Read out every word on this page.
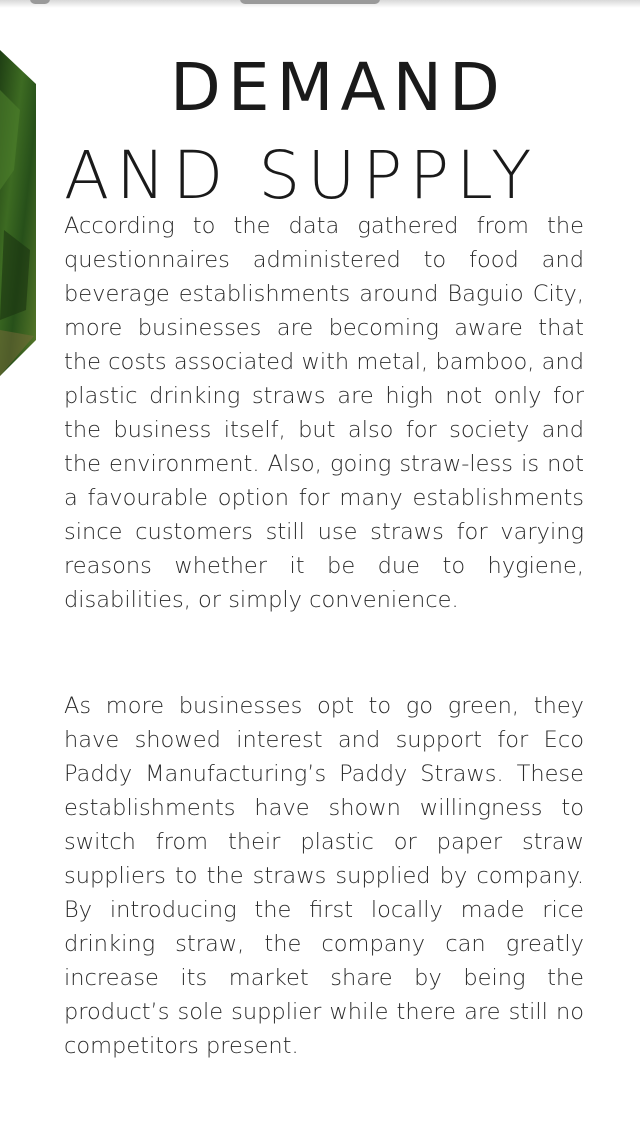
DEMAND
AND SUPPLY

According to the data gathered from the questionnaires administered to food and beverage establishments around Baguio City, more businesses are becoming aware that the costs associated with metal, bamboo, and plastic drinking straws are high not only for the business itself, but also for society and the environment. Also, going straw-less is not a favourable option for many establishments since customers still use straws for varying reasons whether it be due to hygiene, disabilities, or simply convenience.

As more businesses opt to go green, they have showed interest and support for Eco Paddy Manufacturing’s Paddy Straws. These establishments have shown willingness to switch from their plastic or paper straw suppliers to the straws supplied by company. By introducing the first locally made rice drinking straw, the company can greatly increase its market share by being the product’s sole supplier while there are still no competitors present.
